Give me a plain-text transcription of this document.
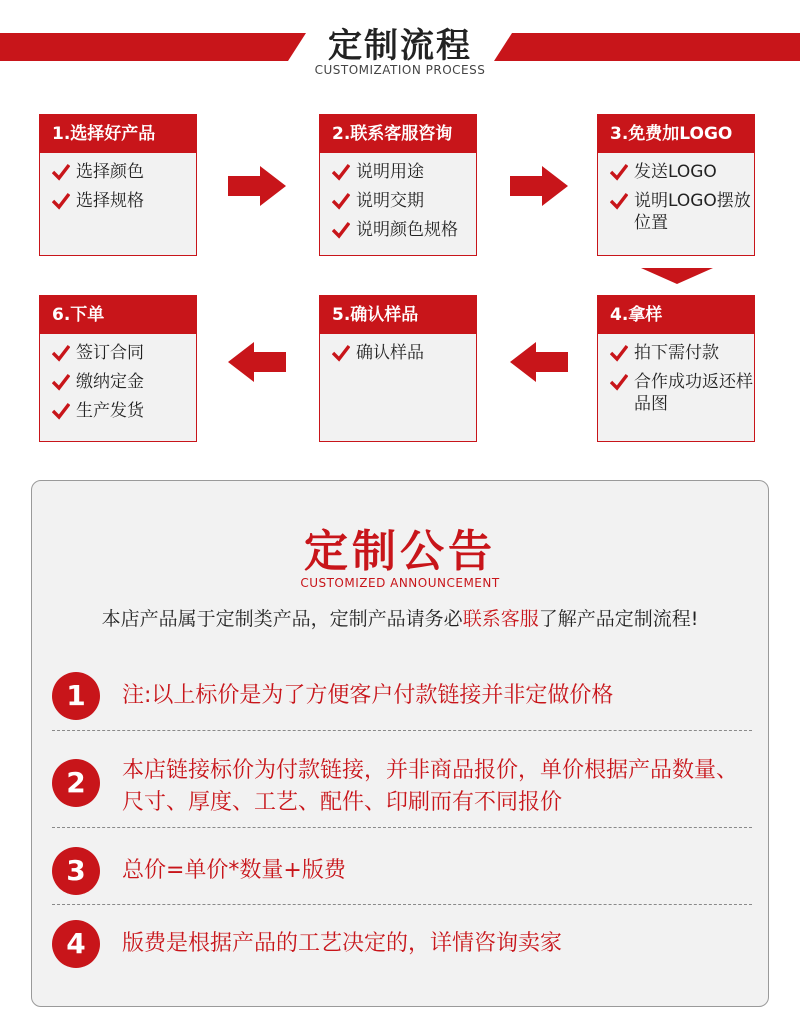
定制流程
CUSTOMIZATION PROCESS
1.选择好产品
选择颜色
选择规格
2.联系客服咨询
说明用途
说明交期
说明颜色规格
3.免费加LOGO
发送LOGO
说明LOGO摆放位置
6.下单
签订合同
缴纳定金
生产发货
5.确认样品
确认样品
4.拿样
拍下需付款
合作成功返还样品图
定制公告
CUSTOMIZED ANNOUNCEMENT
本店产品属于定制类产品，定制产品请务必联系客服了解产品定制流程!
1	注:以上标价是为了方便客户付款链接并非定做价格
2	本店链接标价为付款链接，并非商品报价，单价根据产品数量、尺寸、厚度、工艺、配件、印刷而有不同报价
3	总价=单价*数量+版费
4	版费是根据产品的工艺决定的，详情咨询卖家
